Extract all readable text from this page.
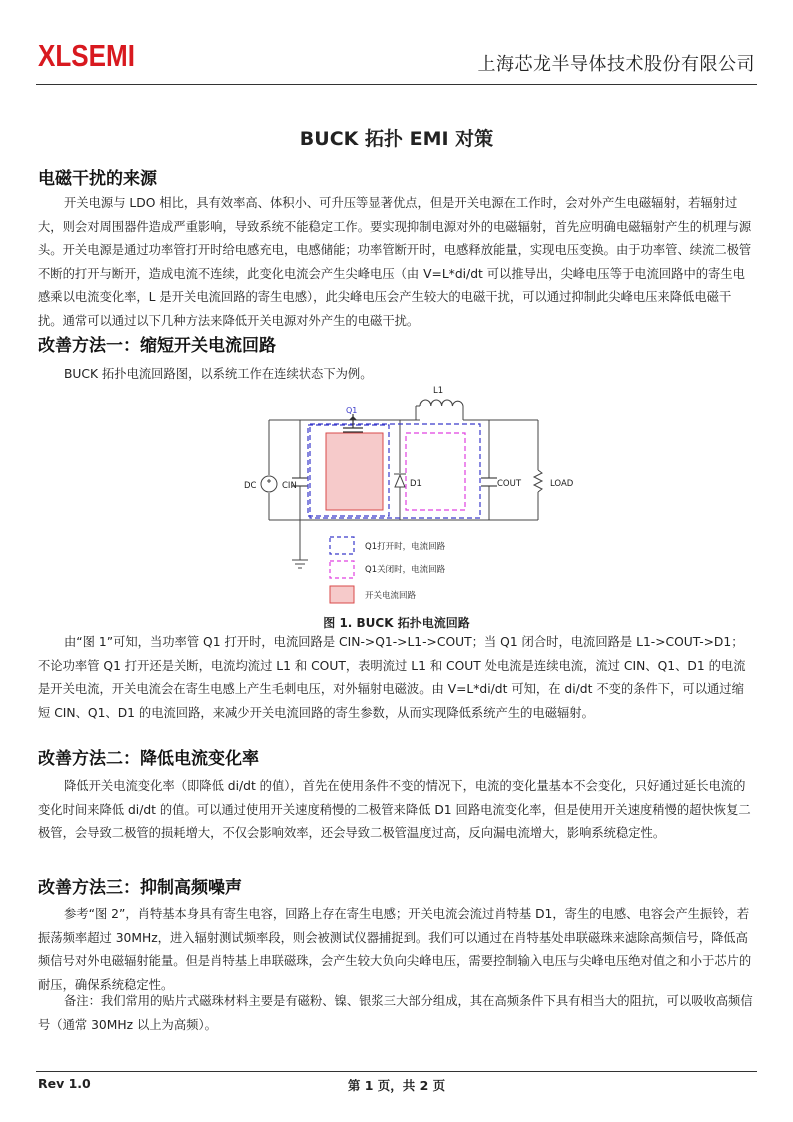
XLSEMI	上海芯龙半导体技术股份有限公司
BUCK 拓扑 EMI 对策
电磁干扰的来源
开关电源与 LDO 相比，具有效率高、体积小、可升压等显著优点，但是开关电源在工作时，会对外产生电磁辐射，若辐射过大，则会对周围器件造成严重影响，导致系统不能稳定工作。要实现抑制电源对外的电磁辐射，首先应明确电磁辐射产生的机理与源头。开关电源是通过功率管打开时给电感充电，电感储能；功率管断开时，电感释放能量，实现电压变换。由于功率管、续流二极管不断的打开与断开，造成电流不连续，此变化电流会产生尖峰电压（由 V=L*di/dt 可以推导出，尖峰电压等于电流回路中的寄生电感乘以电流变化率，L 是开关电流回路的寄生电感），此尖峰电压会产生较大的电磁干扰，可以通过抑制此尖峰电压来降低电磁干扰。通常可以通过以下几种方法来降低开关电源对外产生的电磁干扰。
改善方法一：缩短开关电流回路
BUCK 拓扑电流回路图，以系统工作在连续状态下为例。
Q1
L1
DC	CIN	D1	COUT	LOAD
Q1打开时，电流回路
Q1关闭时，电流回路
开关电流回路
图 1. BUCK 拓扑电流回路
由“图 1”可知，当功率管 Q1 打开时，电流回路是 CIN->Q1->L1->COUT；当 Q1 闭合时，电流回路是 L1->COUT->D1；不论功率管 Q1 打开还是关断，电流均流过 L1 和 COUT，表明流过 L1 和 COUT 处电流是连续电流，流过 CIN、Q1、D1 的电流是开关电流，开关电流会在寄生电感上产生毛刺电压，对外辐射电磁波。由 V=L*di/dt 可知，在 di/dt 不变的条件下，可以通过缩短 CIN、Q1、D1 的电流回路，来减少开关电流回路的寄生参数，从而实现降低系统产生的电磁辐射。
改善方法二：降低电流变化率
降低开关电流变化率（即降低 di/dt 的值），首先在使用条件不变的情况下，电流的变化量基本不会变化，只好通过延长电流的变化时间来降低 di/dt 的值。可以通过使用开关速度稍慢的二极管来降低 D1 回路电流变化率，但是使用开关速度稍慢的超快恢复二极管，会导致二极管的损耗增大，不仅会影响效率，还会导致二极管温度过高，反向漏电流增大，影响系统稳定性。
改善方法三：抑制高频噪声
参考“图 2”，肖特基本身具有寄生电容，回路上存在寄生电感；开关电流会流过肖特基 D1，寄生的电感、电容会产生振铃，若振荡频率超过 30MHz，进入辐射测试频率段，则会被测试仪器捕捉到。我们可以通过在肖特基处串联磁珠来滤除高频信号，降低高频信号对外电磁辐射能量。但是肖特基上串联磁珠，会产生较大负向尖峰电压，需要控制输入电压与尖峰电压绝对值之和小于芯片的耐压，确保系统稳定性。
备注：我们常用的贴片式磁珠材料主要是有磁粉、镍、银浆三大部分组成，其在高频条件下具有相当大的阻抗，可以吸收高频信号（通常 30MHz 以上为高频）。
Rev 1.0	第 1 页，共 2 页
